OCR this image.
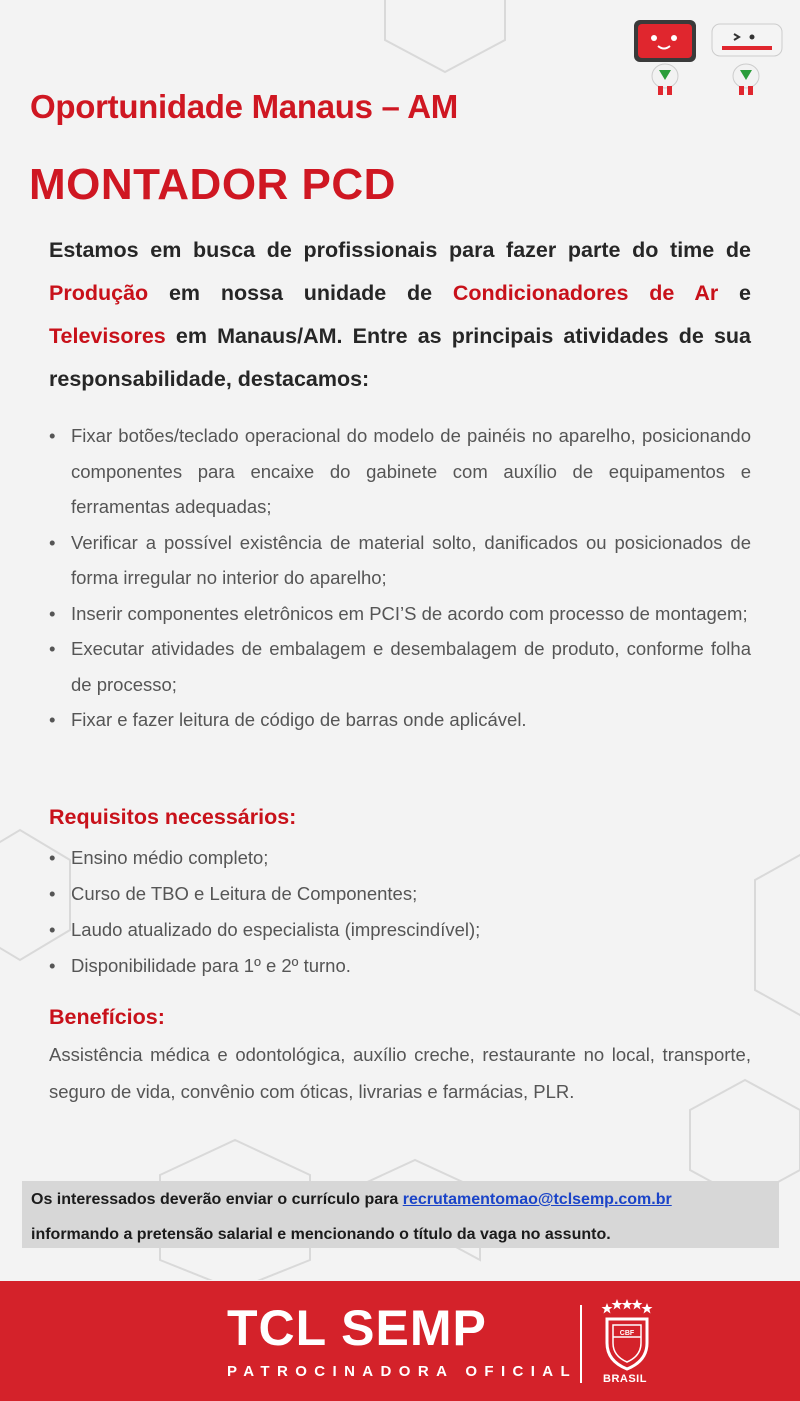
Oportunidade Manaus – AM
MONTADOR PCD

Estamos em busca de profissionais para fazer parte do time de Produção em nossa unidade de Condicionadores de Ar e Televisores em Manaus/AM. Entre as principais atividades de sua responsabilidade, destacamos:

• Fixar botões/teclado operacional do modelo de painéis no aparelho, posicionando componentes para encaixe do gabinete com auxílio de equipamentos e ferramentas adequadas;
• Verificar a possível existência de material solto, danificados ou posicionados de forma irregular no interior do aparelho;
• Inserir componentes eletrônicos em PCI’S de acordo com processo de montagem;
• Executar atividades de embalagem e desembalagem de produto, conforme folha de processo;
• Fixar e fazer leitura de código de barras onde aplicável.
Requisitos necessários:
• Ensino médio completo;
• Curso de TBO e Leitura de Componentes;
• Laudo atualizado do especialista (imprescindível);
• Disponibilidade para 1º e 2º turno.
Benefícios:

Assistência médica e odontológica, auxílio creche, restaurante no local, transporte, seguro de vida, convênio com óticas, livrarias e farmácias, PLR.

Os interessados deverão enviar o currículo para recrutamentomao@tclsemp.com.br
informando a pretensão salarial e mencionando o título da vaga no assunto.
TCL SEMP
PATROCINADORA OFICIAL
CBF
BRASIL
